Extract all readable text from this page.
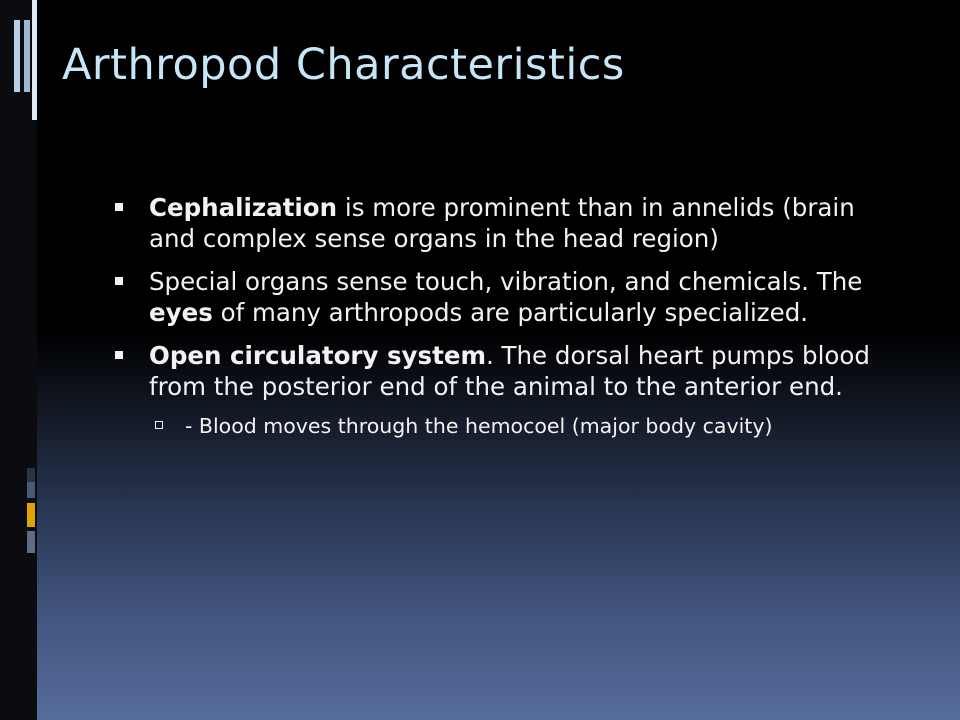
Arthropod Characteristics
Cephalization is more prominent than in annelids (brain and complex sense organs in the head region)
Special organs sense touch, vibration, and chemicals. The eyes of many arthropods are particularly specialized.
Open circulatory system. The dorsal heart pumps blood from the posterior end of the animal to the anterior end.
- Blood moves through the hemocoel (major body cavity)
